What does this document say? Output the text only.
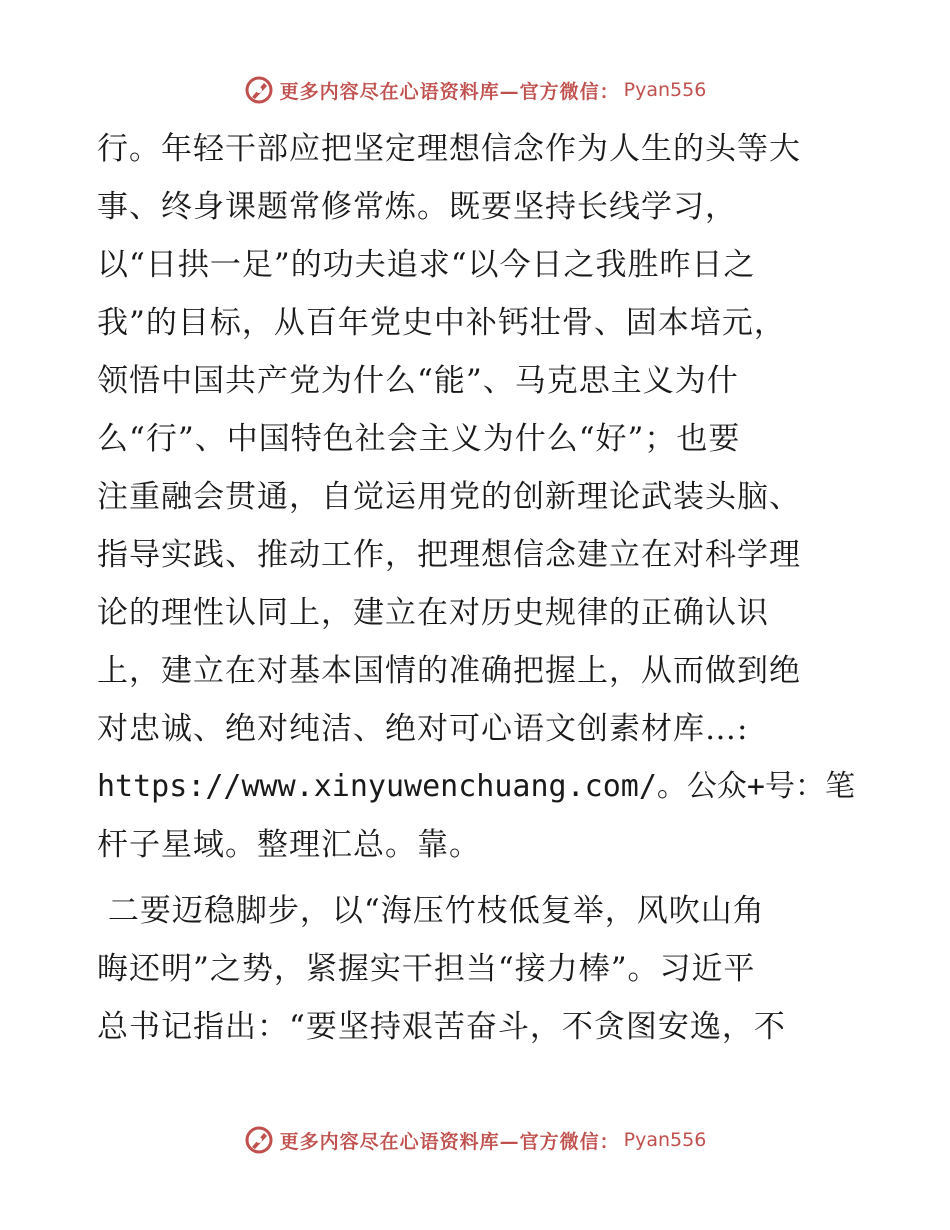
更多内容尽在心语资料库—官方微信： Pyan556
行。年轻干部应把坚定理想信念作为人生的头等大
事、终身课题常修常炼。既要坚持长线学习，
以“日拱一足”的功夫追求“以今日之我胜昨日之
我”的目标，从百年党史中补钙壮骨、固本培元，
领悟中国共产党为什么“能”、马克思主义为什
么“行”、中国特色社会主义为什么“好”；也要
注重融会贯通，自觉运用党的创新理论武装头脑、
指导实践、推动工作，把理想信念建立在对科学理
论的理性认同上，建立在对历史规律的正确认识
上，建立在对基本国情的准确把握上，从而做到绝
对忠诚、绝对纯洁、绝对可心语文创素材库…:
https://www.xinyuwenchuang.com/。公众+号：笔
杆子星域。整理汇总。靠。
二要迈稳脚步，以“海压竹枝低复举，风吹山角
晦还明”之势，紧握实干担当“接力棒”。习近平
总书记指出：“要坚持艰苦奋斗，不贪图安逸，不
更多内容尽在心语资料库—官方微信： Pyan556
